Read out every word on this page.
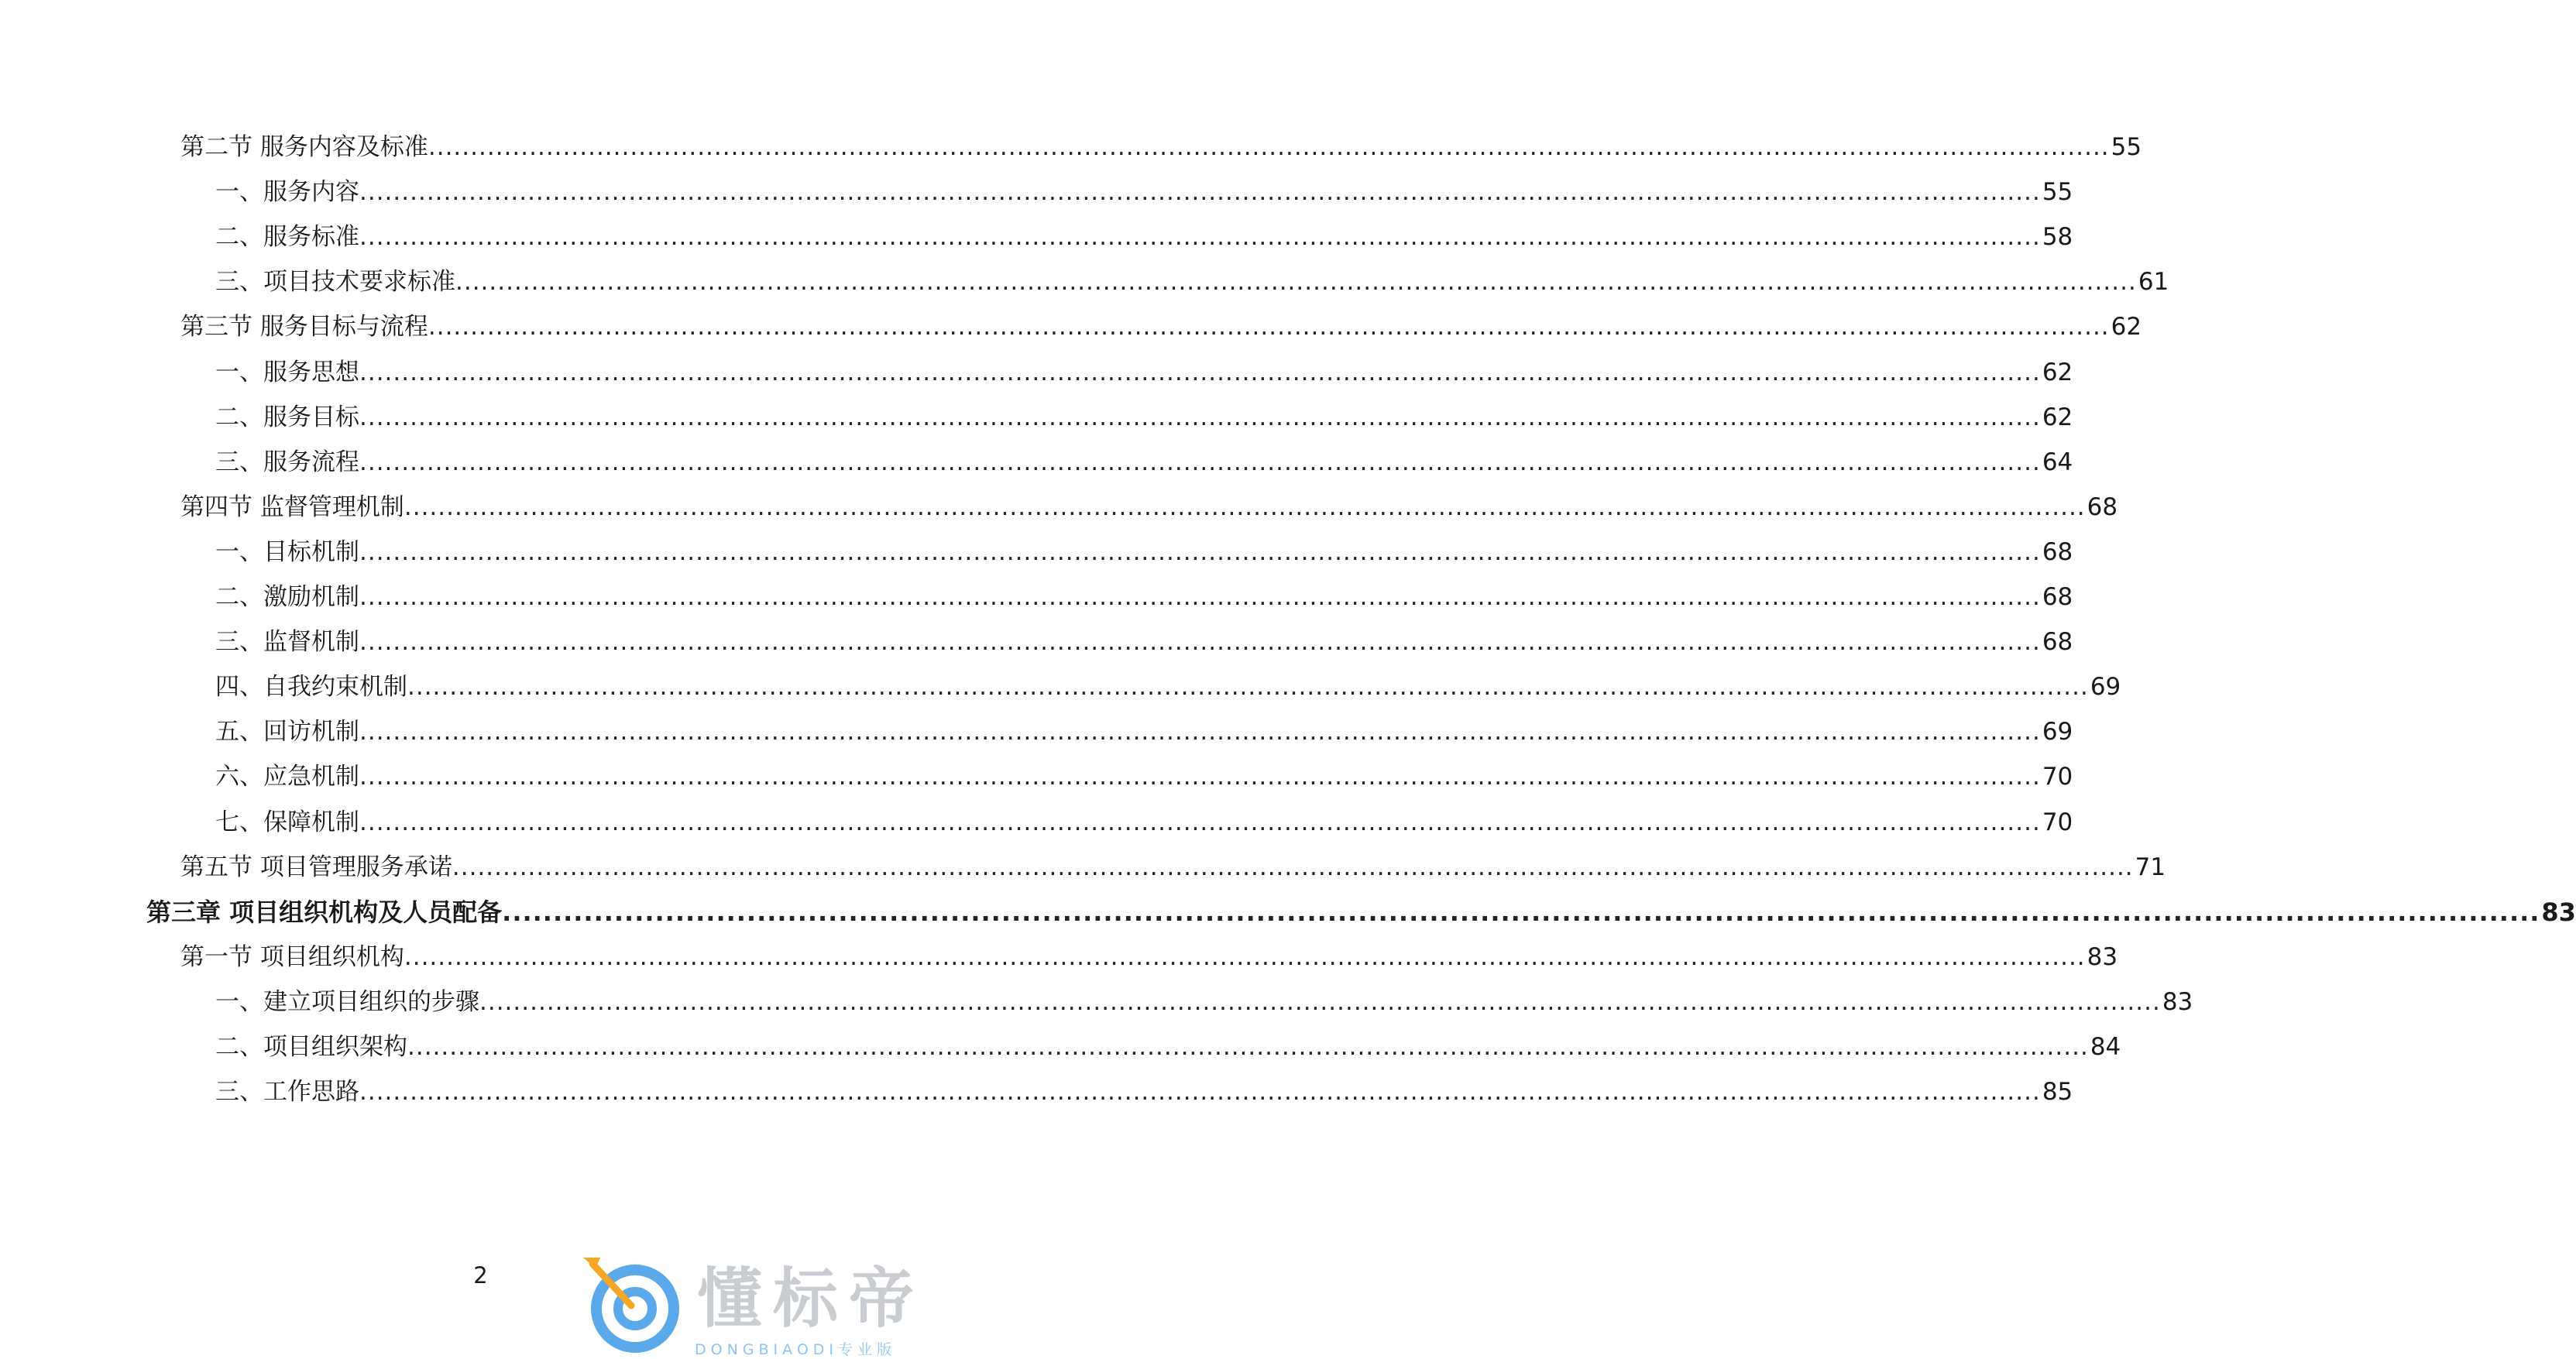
第二节 服务内容及标准 ........................................................................................................................................................................................................ 55
一、服务内容 ........................................................................................................................................................................................................ 55
二、服务标准 ........................................................................................................................................................................................................ 58
三、项目技术要求标准 ........................................................................................................................................................................................................ 61
第三节 服务目标与流程 ........................................................................................................................................................................................................ 62
一、服务思想 ........................................................................................................................................................................................................ 62
二、服务目标 ........................................................................................................................................................................................................ 62
三、服务流程 ........................................................................................................................................................................................................ 64
第四节 监督管理机制 ........................................................................................................................................................................................................ 68
一、目标机制 ........................................................................................................................................................................................................ 68
二、激励机制 ........................................................................................................................................................................................................ 68
三、监督机制 ........................................................................................................................................................................................................ 68
四、自我约束机制 ........................................................................................................................................................................................................ 69
五、回访机制 ........................................................................................................................................................................................................ 69
六、应急机制 ........................................................................................................................................................................................................ 70
七、保障机制 ........................................................................................................................................................................................................ 70
第五节 项目管理服务承诺 ........................................................................................................................................................................................................ 71
第三章 项目组织机构及人员配备 ........................................................................................................................................................................................................ 83
第一节 项目组织机构 ........................................................................................................................................................................................................ 83
一、建立项目组织的步骤 ........................................................................................................................................................................................................ 83
二、项目组织架构 ........................................................................................................................................................................................................ 84
三、工作思路 ........................................................................................................................................................................................................ 85
2	懂标帝
DONGBIAODI专业版
